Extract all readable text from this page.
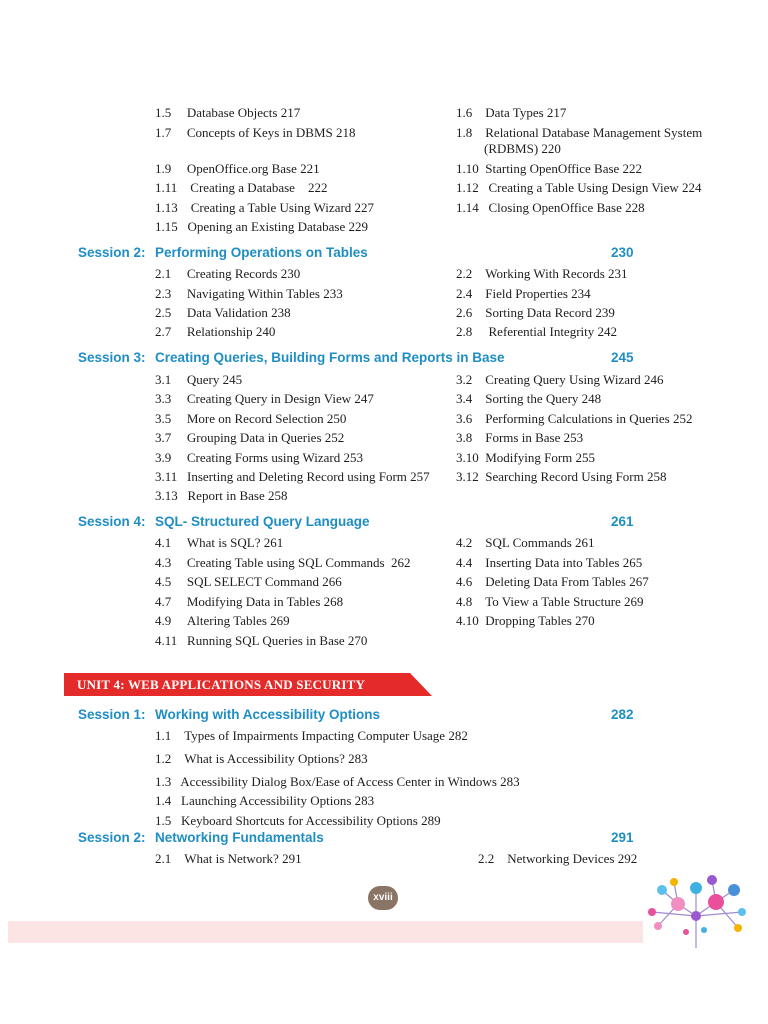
1.5  Database Objects 217	1.6 Data Types 217
1.7  Concepts of Keys in DBMS 218	1.8 Relational Database Management System
(RDBMS) 220
1.9  OpenOffice.org Base 221	1.10 Starting OpenOffice Base 222
1.11 Creating a Database 222	1.12  Creating a Table Using Design View 224
1.13 Creating a Table Using Wizard 227	1.14  Closing OpenOffice Base 228
1.15  Opening an Existing Database 229
Session 2: Performing Operations on Tables	230
2.1  Creating Records 230	2.2 Working With Records 231
2.3  Navigating Within Tables 233	2.4 Field Properties 234
2.5  Data Validation 238	2.6 Sorting Data Record 239
2.7  Relationship 240	2.8  Referential Integrity 242
Session 3: Creating Queries, Building Forms and Reports in Base	245
3.1  Query 245	3.2 Creating Query Using Wizard 246
3.3  Creating Query in Design View 247	3.4 Sorting the Query 248
3.5  More on Record Selection 250	3.6 Performing Calculations in Queries 252
3.7  Grouping Data in Queries 252	3.8 Forms in Base 253
3.9  Creating Forms using Wizard 253	3.10 Modifying Form 255
3.11  Inserting and Deleting Record using Form 257 3.12 Searching Record Using Form 258
3.13  Report in Base 258
Session 4: SQL- Structured Query Language	261
4.1  What is SQL? 261	4.2 SQL Commands 261
4.3  Creating Table using SQL Commands 262	4.4 Inserting Data into Tables 265
4.5  SQL SELECT Command 266	4.6 Deleting Data From Tables 267
4.7  Modifying Data in Tables 268	4.8 To View a Table Structure 269
4.9  Altering Tables 269	4.10 Dropping Tables 270
4.11  Running SQL Queries in Base 270
UNIT 4: WEB APPLICATIONS AND SECURITY
Session 1: Working with Accessibility Options	282
1.1 Types of Impairments Impacting Computer Usage 282
1.2 What is Accessibility Options? 283
1.3  Accessibility Dialog Box/Ease of Access Center in Windows 283
1.4  Launching Accessibility Options 283
1.5  Keyboard Shortcuts for Accessibility Options 289
Session 2: Networking Fundamentals	291
2.1 What is Network? 291	2.2 Networking Devices 292
xviii
